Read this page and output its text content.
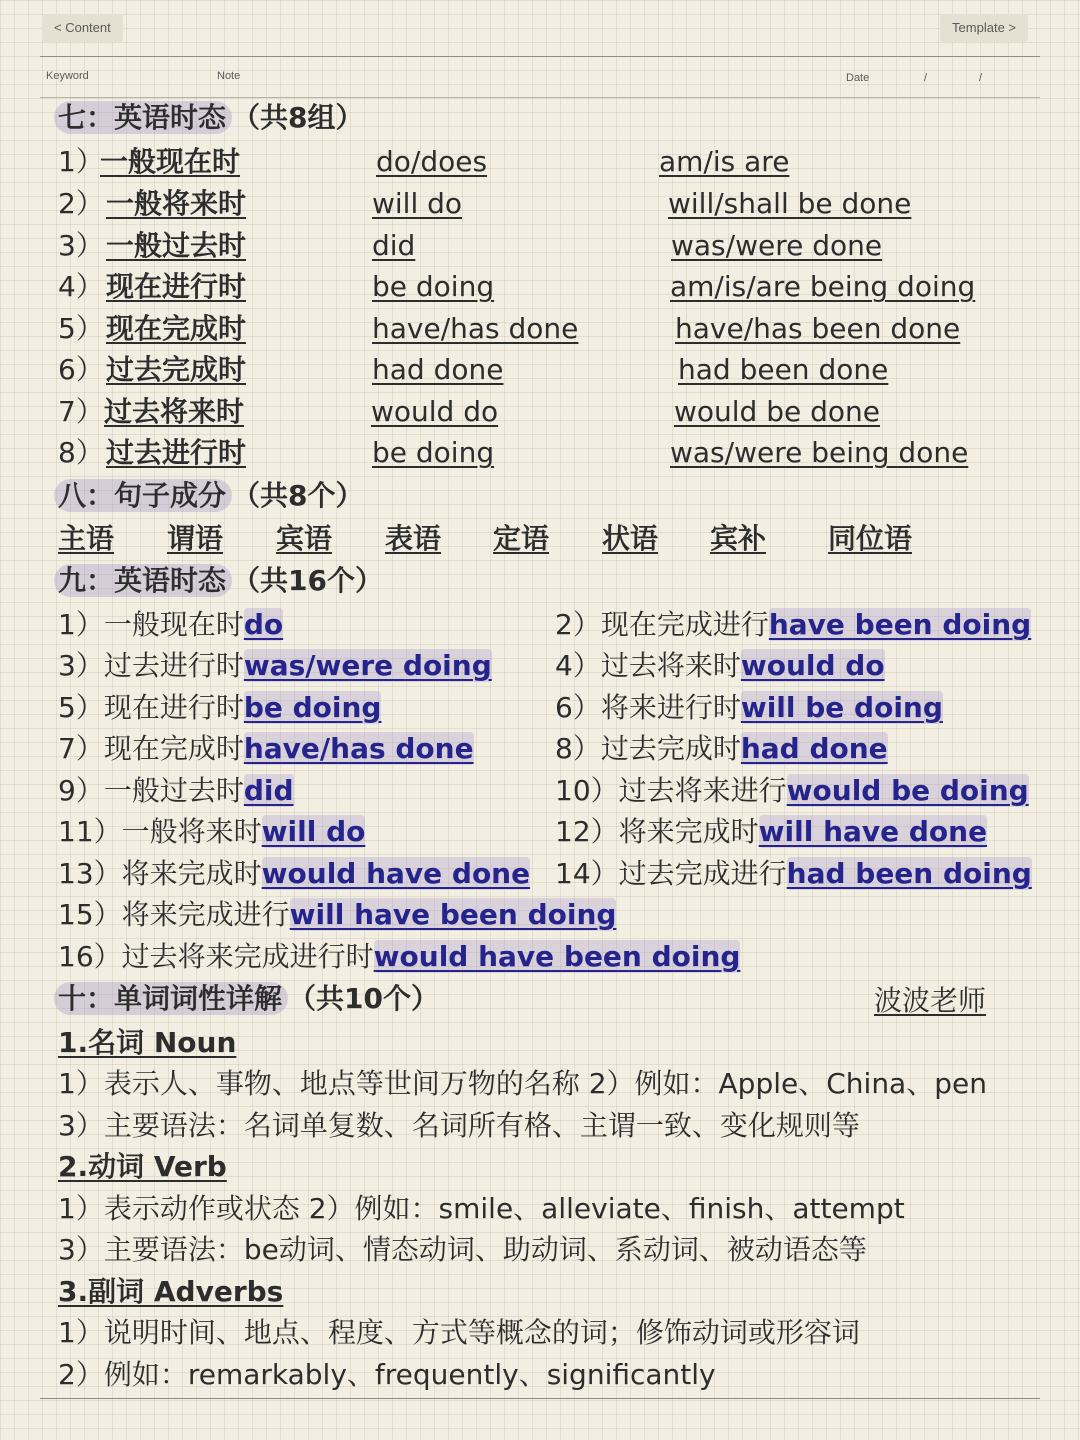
< Content	Template >
Keyword	Note	Date	/	/
七：英语时态 （共8组）
1）
一般现在时	do/does	am/is are
2） 一般将来时	will do	will/shall be done
3） 一般过去时	did	was/were done
4） 现在进行时	be doing	am/is/are being doing
5） 现在完成时	have/has done	have/has been done
6） 过去完成时	had done	had been done
7） 过去将来时	would do	would be done
8） 过去进行时	be doing	was/were being done
八：句子成分 （共8个）
主语 谓语 宾语 表语 定语 状语 宾补 同位语
九：英语时态 （共16个）
1）一般现在时do
3）过去进行时was/were doing
5）现在进行时be doing
7）现在完成时have/has done
9）一般过去时did
11）一般将来时will do
13）将来完成时would have done
15）将来完成进行will have been doing
16）过去将来完成进行时would have been doing
2）现在完成进行have been doing
4）过去将来时would do
6）将来进行时will be doing
8）过去完成时had done
10）过去将来进行would be doing
12）将来完成时will have done
14）过去完成进行had been doing
十：单词词性详解 （共10个）	波波老师
1.名词 Noun
1）表示人、事物、地点等世间万物的名称 2）例如：Apple、China、pen
3）主要语法：名词单复数、名词所有格、主谓一致、变化规则等
2.动词 Verb
1）表示动作或状态 2）例如：smile、alleviate、finish、attempt
3）主要语法：be动词、情态动词、助动词、系动词、被动语态等
3.副词 Adverbs
1）说明时间、地点、程度、方式等概念的词；修饰动词或形容词
2）例如：remarkably、frequently、significantly
